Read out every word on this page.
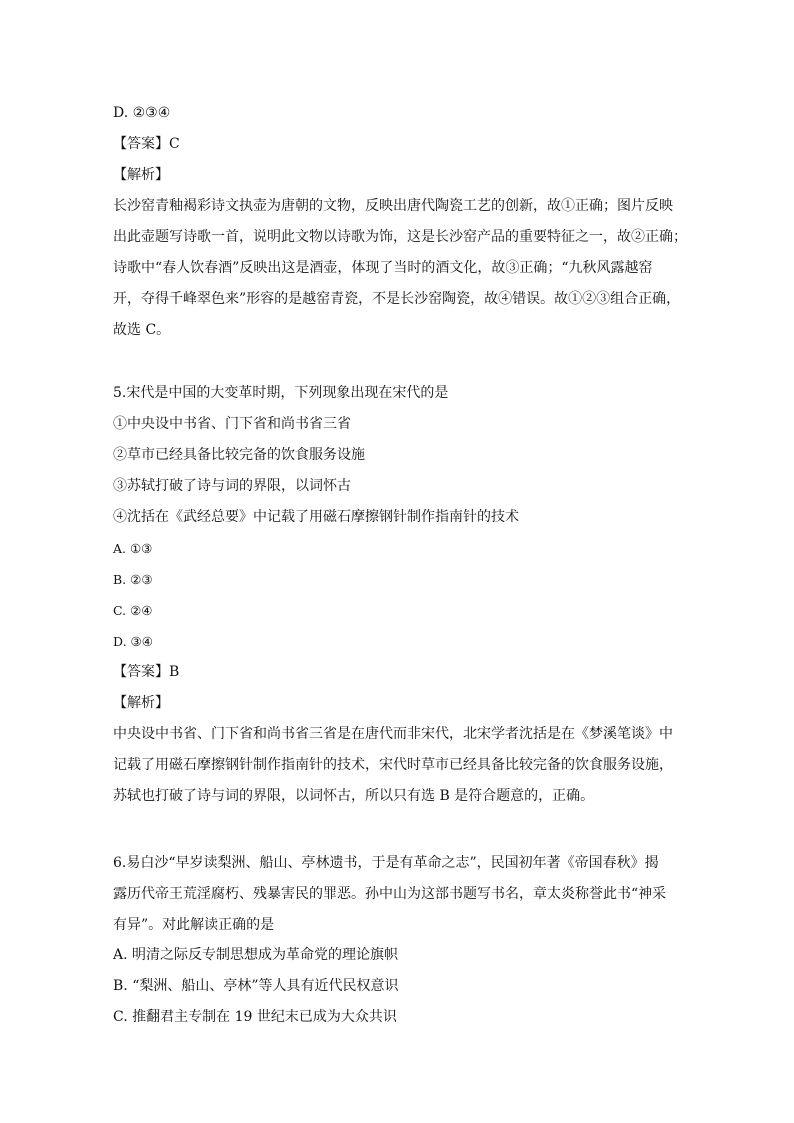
D. ②③④
【答案】C
【解析】
长沙窑青釉褐彩诗文执壶为唐朝的文物，反映出唐代陶瓷工艺的创新，故①正确；图片反映
出此壶题写诗歌一首，说明此文物以诗歌为饰，这是长沙窑产品的重要特征之一，故②正确；
诗歌中“春人饮春酒”反映出这是酒壶，体现了当时的酒文化，故③正确；“九秋风露越窑
开，夺得千峰翠色来”形容的是越窑青瓷，不是长沙窑陶瓷，故④错误。故①②③组合正确，
故选 C。
5.宋代是中国的大变革时期，下列现象出现在宋代的是
①中央设中书省、门下省和尚书省三省
②草市已经具备比较完备的饮食服务设施
③苏轼打破了诗与词的界限，以词怀古
④沈括在《武经总要》中记载了用磁石摩擦钢针制作指南针的技术
A. ①③
B. ②③
C. ②④
D. ③④
【答案】B
【解析】
中央设中书省、门下省和尚书省三省是在唐代而非宋代，北宋学者沈括是在《梦溪笔谈》中
记载了用磁石摩擦钢针制作指南针的技术，宋代时草市已经具备比较完备的饮食服务设施，
苏轼也打破了诗与词的界限，以词怀古，所以只有选 B 是符合题意的，正确。
6.易白沙“早岁读梨洲、船山、亭林遗书，于是有革命之志”，民国初年著《帝国春秋》揭
露历代帝王荒淫腐朽、残暴害民的罪恶。孙中山为这部书题写书名，章太炎称誉此书“神采
有异”。对此解读正确的是
A. 明清之际反专制思想成为革命党的理论旗帜
B. “梨洲、船山、亭林”等人具有近代民权意识
C. 推翻君主专制在 19 世纪末已成为大众共识
